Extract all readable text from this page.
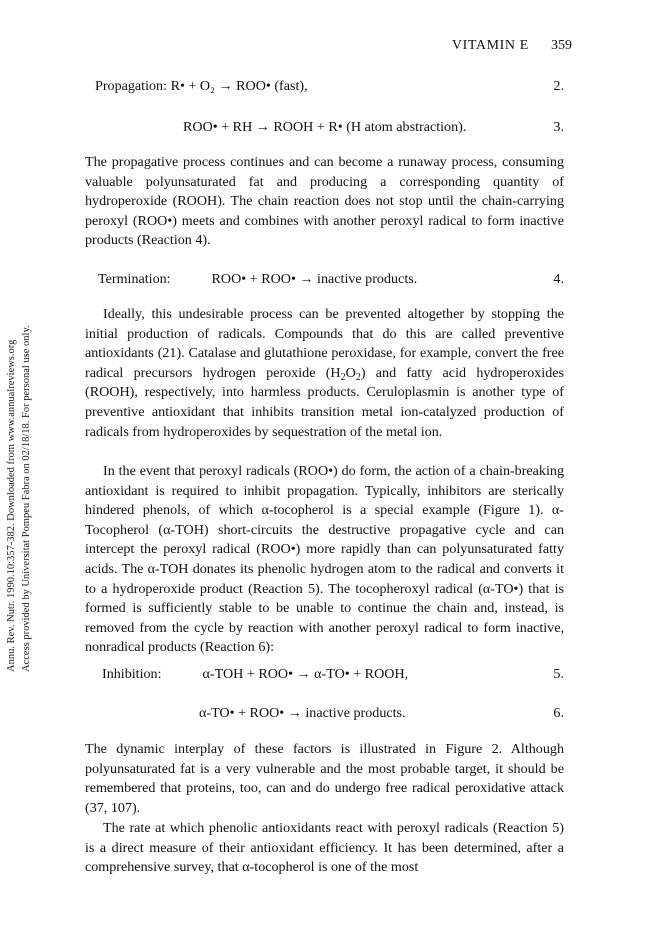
VITAMIN E 359
Annu. Rev. Nutr. 1990.10:357-382. Downloaded from www.annualreviews.org Access provided by Universitat Pompeu Fabra on 02/18/18. For personal use only.
Propagation: R• + O₂ → ROO• (fast),	2.
ROO• + RH → ROOH + R• (H atom abstraction).	3.
The propagative process continues and can become a runaway process, consuming valuable polyunsaturated fat and producing a corresponding quantity of hydroperoxide (ROOH). The chain reaction does not stop until the chain-carrying peroxyl (ROO•) meets and combines with another peroxyl radical to form inactive products (Reaction 4).
Termination:	ROO• + ROO• → inactive products.	4.
Ideally, this undesirable process can be prevented altogether by stopping the initial production of radicals. Compounds that do this are called preventive antioxidants (21). Catalase and glutathione peroxidase, for example, convert the free radical precursors hydrogen peroxide $(H_2O_2)$ and fatty acid hydroperoxides (ROOH), respectively, into harmless products. Ceruloplasmin is another type of preventive antioxidant that inhibits transition metal ion-catalyzed production of radicals from hydroperoxides by sequestration of the metal ion.
In the event that peroxyl radicals (ROO•) do form, the action of a chain-breaking antioxidant is required to inhibit propagation. Typically, inhibitors are sterically hindered phenols, of which α-tocopherol is a special example (Figure 1). α-Tocopherol (α-TOH) short-circuits the destructive propagative cycle and can intercept the peroxyl radical (ROO•) more rapidly than can polyunsaturated fatty acids. The α-TOH donates its phenolic hydrogen atom to the radical and converts it to a hydroperoxide product (Reaction 5). The tocopheroxyl radical (α-TO•) that is formed is sufficiently stable to be unable to continue the chain and, instead, is removed from the cycle by reaction with another peroxyl radical to form inactive, nonradical products (Reaction 6):
Inhibition:	α-TOH + ROO• → α-TO• + ROOH,	5.
α-TO• + ROO• → inactive products.	6.
The dynamic interplay of these factors is illustrated in Figure 2. Although polyunsaturated fat is a very vulnerable and the most probable target, it should be remembered that proteins, too, can and do undergo free radical peroxidative attack (37, 107).
The rate at which phenolic antioxidants react with peroxyl radicals (Reaction 5) is a direct measure of their antioxidant efficiency. It has been determined, after a comprehensive survey, that α-tocopherol is one of the most
